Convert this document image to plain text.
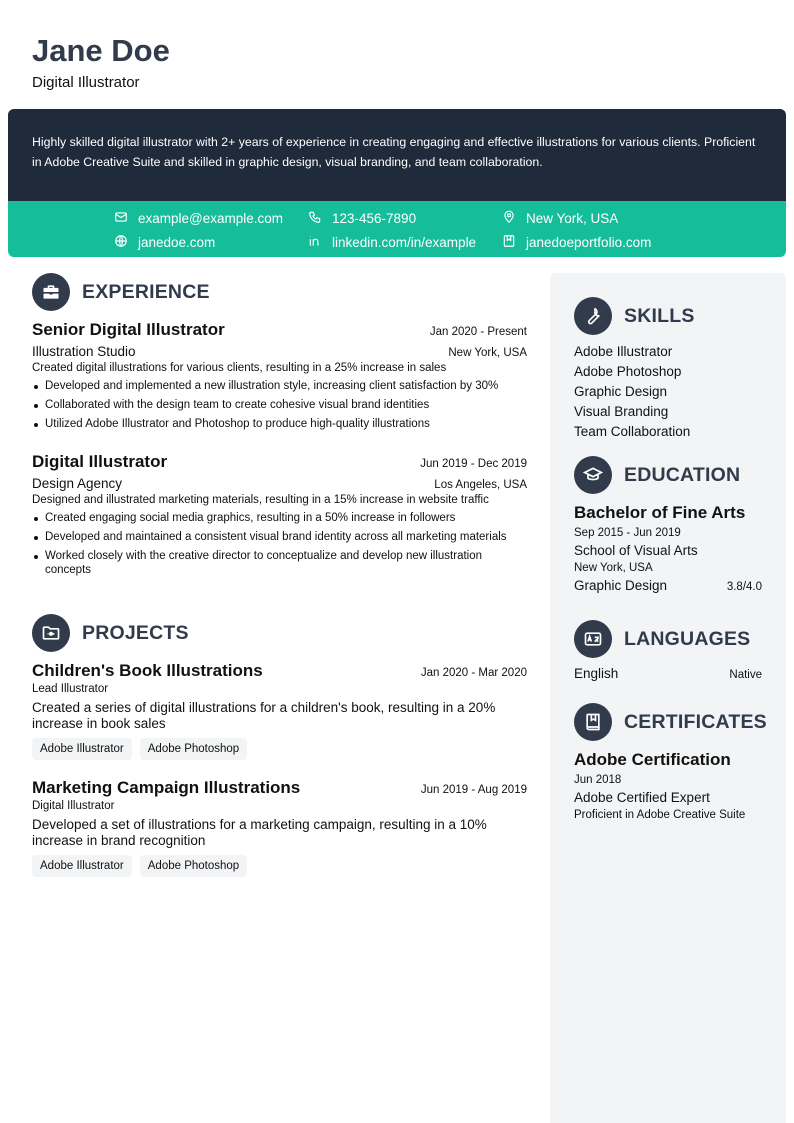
Jane Doe
Digital Illustrator
Highly skilled digital illustrator with 2+ years of experience in creating engaging and effective illustrations for various clients. Proficient in Adobe Creative Suite and skilled in graphic design, visual branding, and team collaboration.
example@example.com	123-456-7890	New York, USA
janedoe.com	linkedin.com/in/example	janedoeportfolio.com
EXPERIENCE
Senior Digital Illustrator	Jan 2020 - Present
Illustration Studio	New York, USA
Created digital illustrations for various clients, resulting in a 25% increase in sales
Developed and implemented a new illustration style, increasing client satisfaction by 30%
Collaborated with the design team to create cohesive visual brand identities
Utilized Adobe Illustrator and Photoshop to produce high-quality illustrations
Digital Illustrator	Jun 2019 - Dec 2019
Design Agency	Los Angeles, USA
Designed and illustrated marketing materials, resulting in a 15% increase in website traffic
Created engaging social media graphics, resulting in a 50% increase in followers
Developed and maintained a consistent visual brand identity across all marketing materials
Worked closely with the creative director to conceptualize and develop new illustration concepts
PROJECTS
Children's Book Illustrations	Jan 2020 - Mar 2020
Lead Illustrator
Created a series of digital illustrations for a children's book, resulting in a 20% increase in book sales
Adobe Illustrator	Adobe Photoshop
Marketing Campaign Illustrations	Jun 2019 - Aug 2019
Digital Illustrator
Developed a set of illustrations for a marketing campaign, resulting in a 10% increase in brand recognition
Adobe Illustrator	Adobe Photoshop
SKILLS
Adobe Illustrator
Adobe Photoshop
Graphic Design
Visual Branding
Team Collaboration
EDUCATION
Bachelor of Fine Arts
Sep 2015 - Jun 2019
School of Visual Arts
New York, USA
Graphic Design	3.8/4.0
LANGUAGES
English	Native
CERTIFICATES
Adobe Certification
Jun 2018
Adobe Certified Expert
Proficient in Adobe Creative Suite
